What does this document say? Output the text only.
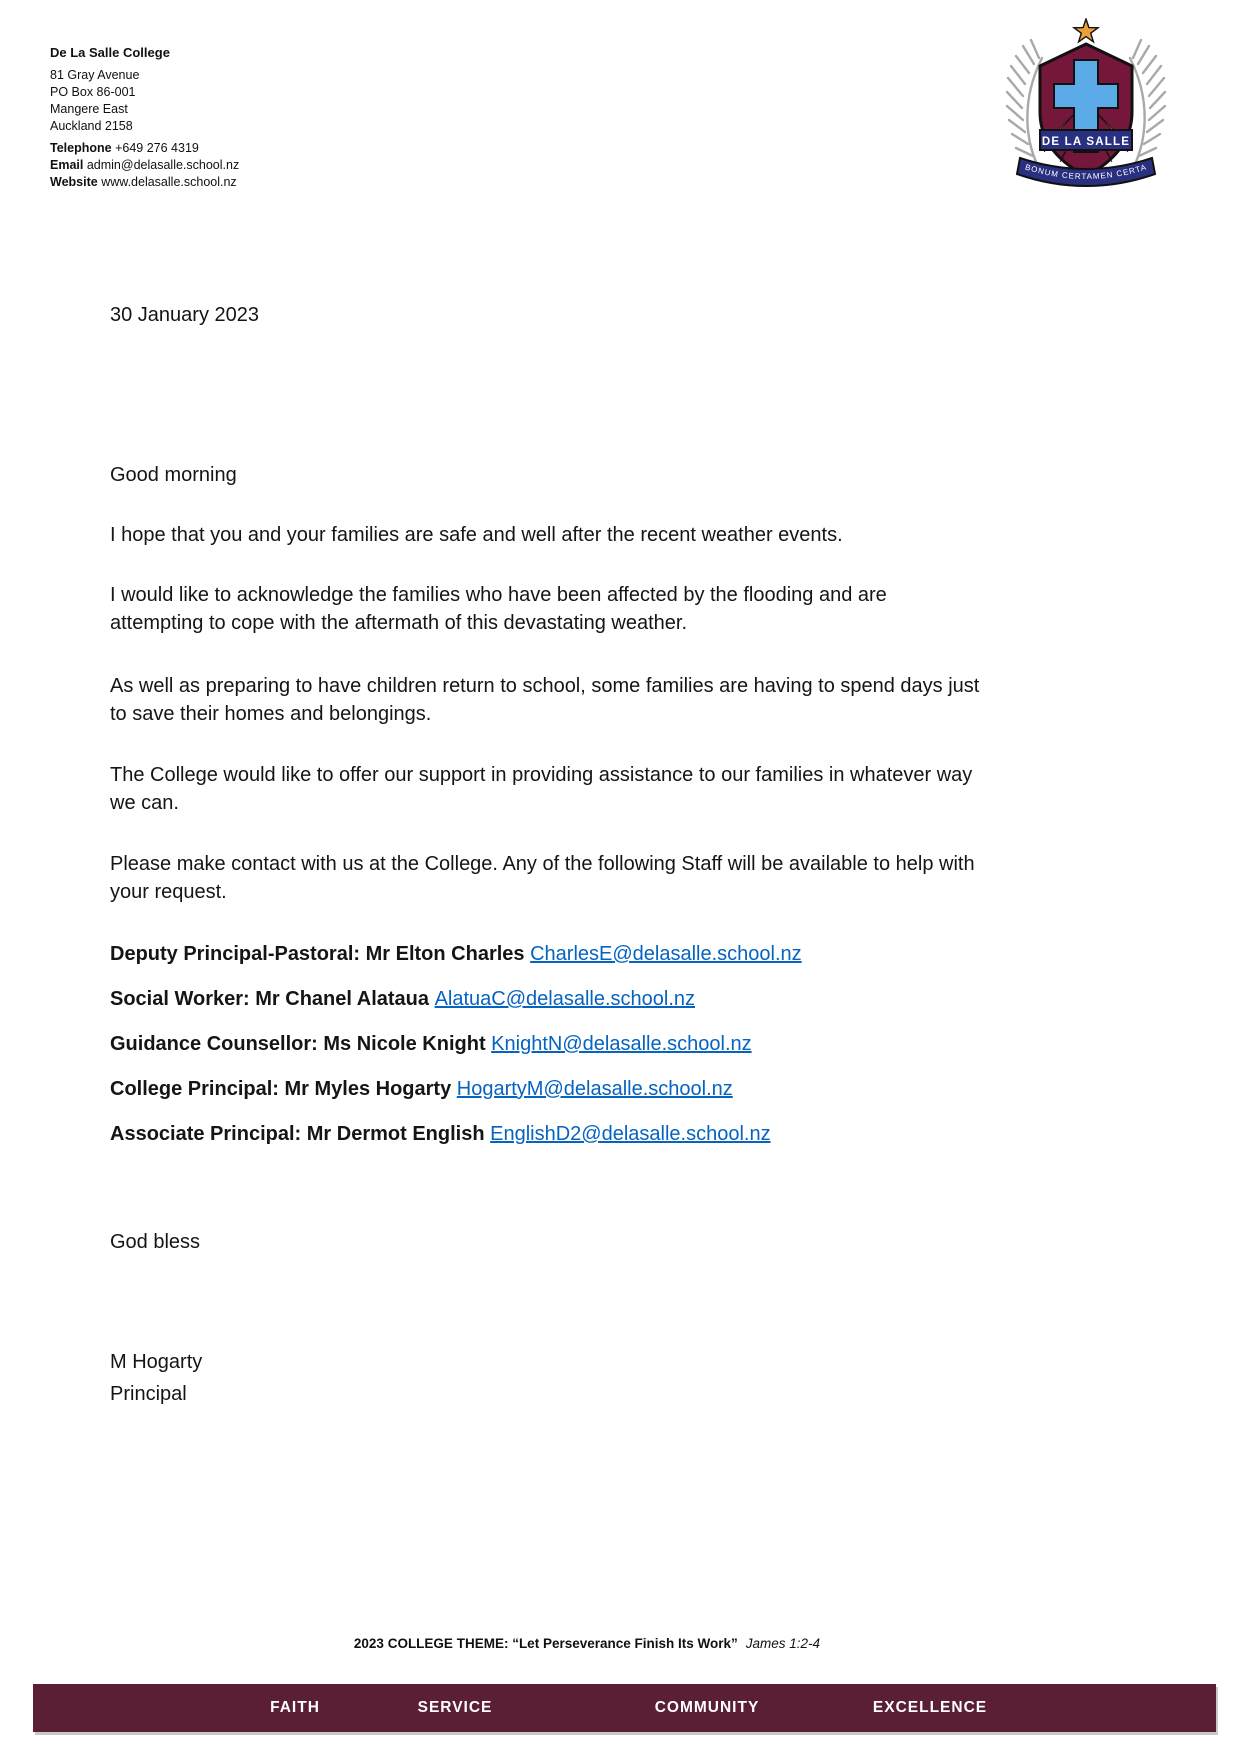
De La Salle College
81 Gray Avenue
PO Box 86-001
Mangere East
Auckland 2158
Telephone +649 276 4319
Email admin@delasalle.school.nz
Website www.delasalle.school.nz
DE LA SALLE
BONUM CERTAMEN CERTA
30 January 2023
Good morning
I hope that you and your families are safe and well after the recent weather events.
I would like to acknowledge the families who have been affected by the flooding and are
attempting to cope with the aftermath of this devastating weather.
As well as preparing to have children return to school, some families are having to spend days just
to save their homes and belongings.
The College would like to offer our support in providing assistance to our families in whatever way
we can.
Please make contact with us at the College. Any of the following Staff will be available to help with
your request.
Deputy Principal-Pastoral: Mr Elton Charles CharlesE@delasalle.school.nz
Social Worker: Mr Chanel Alataua AlatuaC@delasalle.school.nz
Guidance Counsellor: Ms Nicole Knight KnightN@delasalle.school.nz
College Principal: Mr Myles Hogarty HogartyM@delasalle.school.nz
Associate Principal: Mr Dermot English EnglishD2@delasalle.school.nz
God bless
M Hogarty
Principal
2023 COLLEGE THEME: “Let Perseverance Finish Its Work” James 1:2-4
FAITH	SERVICE	COMMUNITY	EXCELLENCE
